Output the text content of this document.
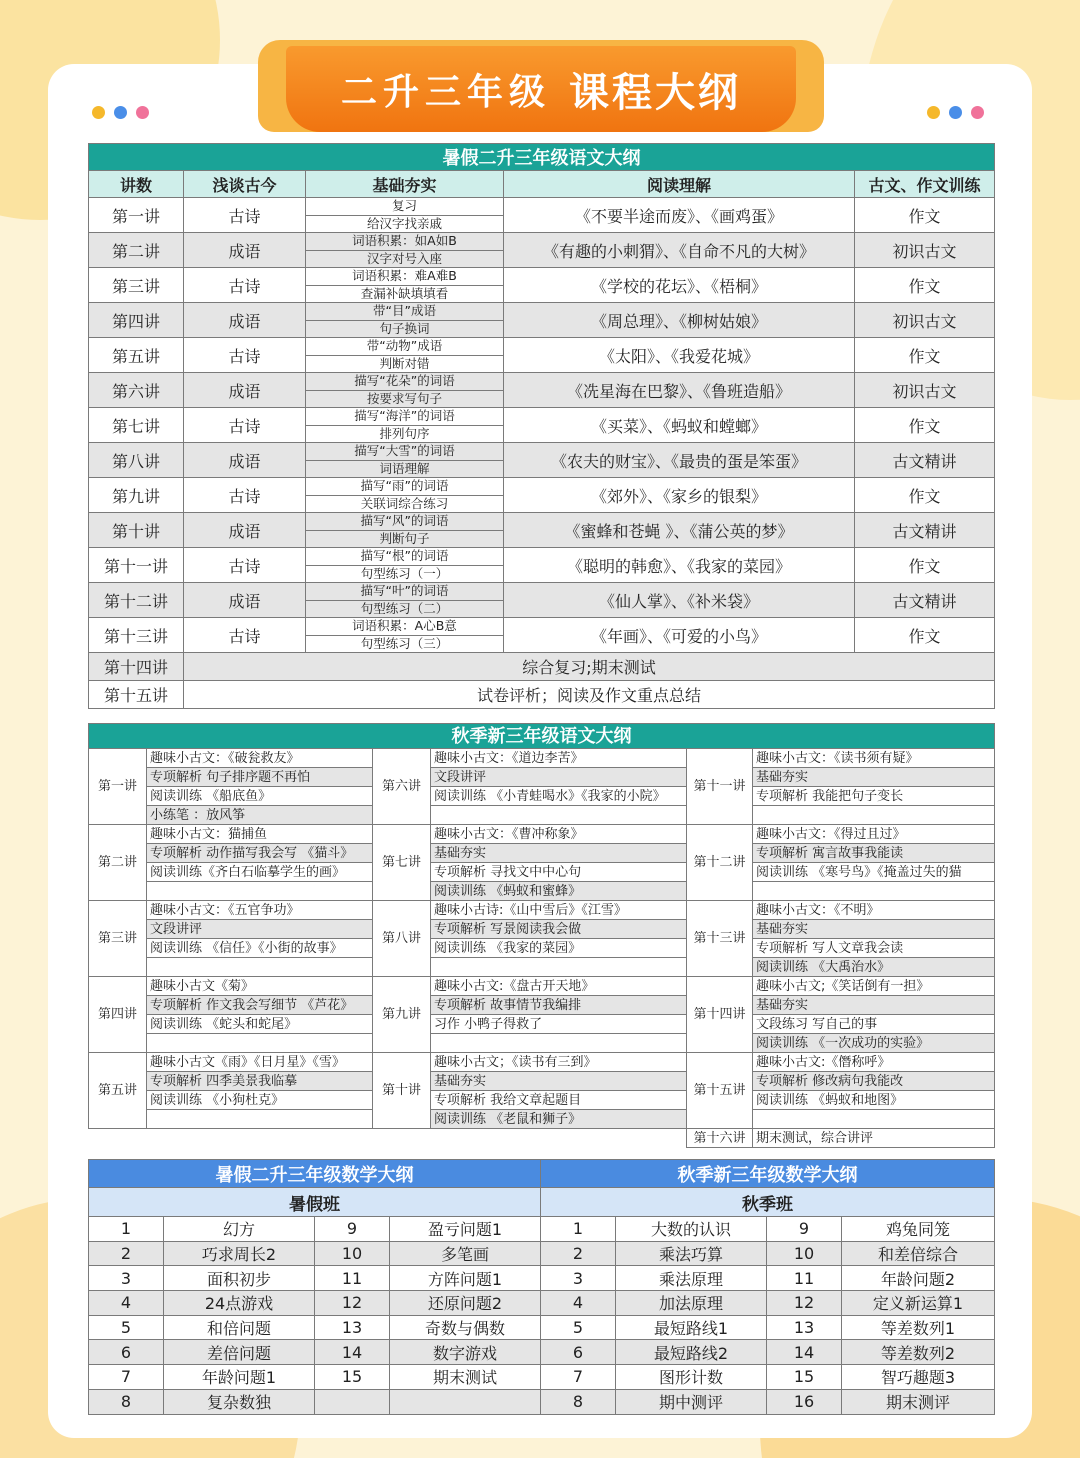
二升三年级 课程大纲
暑假二升三年级语文大纲				
讲数	浅谈古今	基础夯实	阅读理解	古文、作文训练
第一讲	古诗	复习	《不要半途而废》、《画鸡蛋》	作文
		给汉字找亲戚		
第二讲	成语	词语积累：如A如B	《有趣的小刺猬》、《自命不凡的大树》	初识古文
		汉字对号入座		
第三讲	古诗	词语积累：难A难B	《学校的花坛》、《梧桐》	作文
		查漏补缺填填看		
第四讲	成语	带“目”成语	《周总理》、《柳树姑娘》	初识古文
		句子换词		
第五讲	古诗	带“动物”成语	《太阳》、《我爱花城》	作文
		判断对错		
第六讲	成语	描写“花朵”的词语	《冼星海在巴黎》、《鲁班造船》	初识古文
		按要求写句子		
第七讲	古诗	描写“海洋”的词语	《买菜》、《蚂蚁和螳螂》	作文
		排列句序		
第八讲	成语	描写“大雪”的词语	《农夫的财宝》、《最贵的蛋是笨蛋》	古文精讲
		词语理解		
第九讲	古诗	描写“雨”的词语	《郊外》、《家乡的银梨》	作文
		关联词综合练习		
第十讲	成语	描写“风”的词语	《蜜蜂和苍蝇 》、《蒲公英的梦》	古文精讲
		判断句子		
第十一讲	古诗	描写“根”的词语	《聪明的韩愈》、《我家的菜园》	作文
		句型练习（一）		
第十二讲	成语	描写“叶”的词语	《仙人掌》、《补米袋》	古文精讲
		句型练习（二）		
第十三讲	古诗	词语积累：A心B意	《年画》、《可爱的小鸟》	作文
		句型练习（三）		
第十四讲	综合复习;期末测试			
第十五讲	试卷评析；阅读及作文重点总结			
秋季新三年级语文大纲					
第一讲	趣味小古文：《破瓮救友》	第六讲	趣味小古文：《道边李苦》	第十一讲	趣味小古文：《读书须有疑》
	专项解析 句子排序题不再怕		文段讲评		基础夯实
	阅读训练 《船底鱼》		阅读训练 《小青蛙喝水》《我家的小院》		专项解析 我能把句子变长
	小练笔 ：放风筝				
第二讲	趣味小古文：猫捕鱼	第七讲	趣味小古文：《曹冲称象》	第十二讲	趣味小古文：《得过且过》
	专项解析 动作描写我会写 《猫斗》		基础夯实		专项解析 寓言故事我能读
	阅读训练《齐白石临摹学生的画》		专项解析 寻找文中中心句		阅读训练 《寒号鸟》《掩盖过失的猫
			阅读训练 《蚂蚁和蜜蜂》		
第三讲	趣味小古文：《五官争功》	第八讲	趣味小古诗:《山中雪后》《江雪》	第十三讲	趣味小古文：《不明》
	文段讲评		专项解析 写景阅读我会做		基础夯实
	阅读训练 《信任》《小街的故事》		阅读训练 《我家的菜园》		专项解析 写人文章我会读
					阅读训练 《大禹治水》
第四讲	趣味小古文《菊》	第九讲	趣味小古文:《盘古开天地》	第十四讲	趣味小古文;《笑话倒有一担》
	专项解析 作文我会写细节 《芦花》		专项解析 故事情节我编排		基础夯实
	阅读训练 《蛇头和蛇尾》		习作 小鸭子得救了		文段练习 写自己的事
					阅读训练 《一次成功的实验》
第五讲	趣味小古文《雨》《日月星》《雪》	第十讲	趣味小古文；《读书有三到》	第十五讲	趣味小古文:《僭称呼》
	专项解析 四季美景我临摹		基础夯实		专项解析 修改病句我能改
	阅读训练 《小狗杜克》		专项解析 我给文章起题目		阅读训练 《蚂蚁和地图》
			阅读训练 《老鼠和狮子》		
				第十六讲	期末测试，综合讲评
暑假二升三年级数学大纲				秋季新三年级数学大纲			
暑假班				秋季班			
1	幻方	9	盈亏问题1	1	大数的认识	9	鸡兔同笼
2	巧求周长2	10	多笔画	2	乘法巧算	10	和差倍综合
3	面积初步	11	方阵问题1	3	乘法原理	11	年龄问题2
4	24点游戏	12	还原问题2	4	加法原理	12	定义新运算1
5	和倍问题	13	奇数与偶数	5	最短路线1	13	等差数列1
6	差倍问题	14	数字游戏	6	最短路线2	14	等差数列2
7	年龄问题1	15	期末测试	7	图形计数	15	智巧趣题3
8	复杂数独			8	期中测评	16	期末测评
